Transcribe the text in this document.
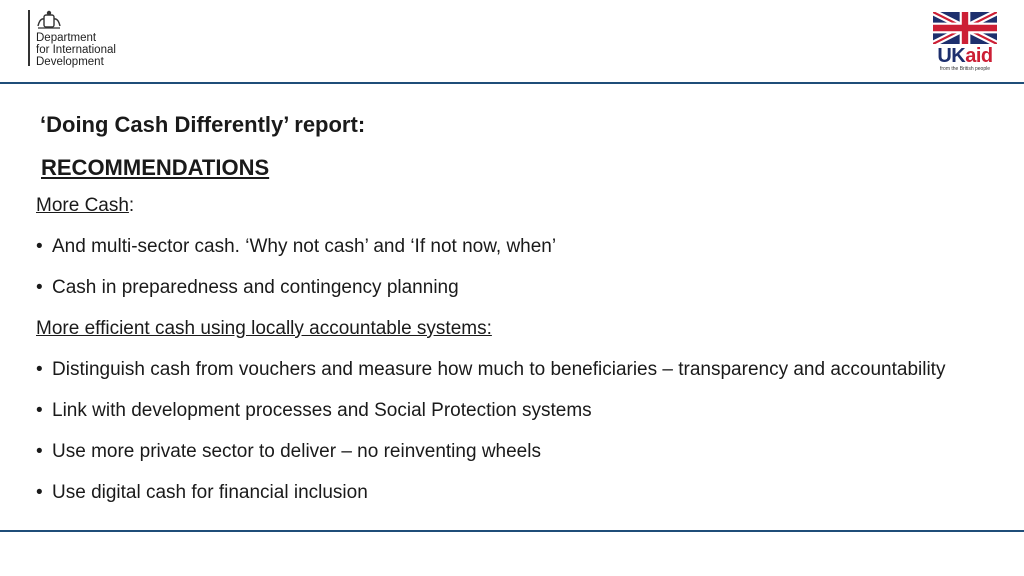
Department
for International
Development	UKaid
from the British people
‘Doing Cash Differently’ report:
RECOMMENDATIONS
More Cash:
• And multi-sector cash. ‘Why not cash’ and ‘If not now, when’
• Cash in preparedness and contingency planning
More efficient cash using locally accountable systems:
• Distinguish cash from vouchers and measure how much to beneficiaries – transparency and accountability
• Link with development processes and Social Protection systems
• Use more private sector to deliver – no reinventing wheels
• Use digital cash for financial inclusion
